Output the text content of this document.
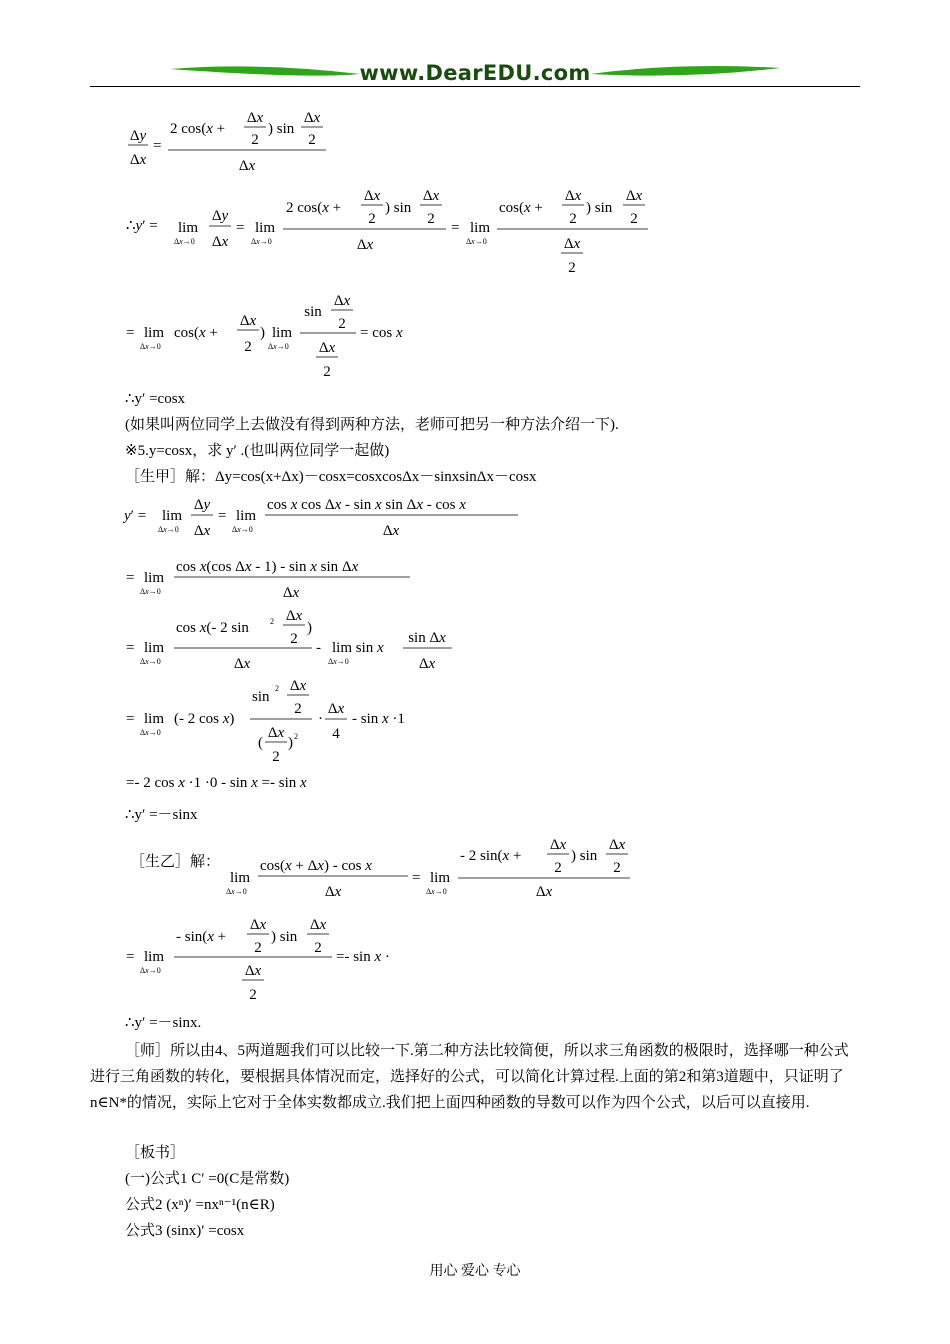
www.DearEDU.com
Δy
Δx
=
2 cos(x +
Δx
2
) sin
Δx
2
Δx
∴y′ = lim
Δx→0
Δy
Δx
= lim
Δx→0
2 cos(x +
Δx
2
) sin
Δx
2
Δx
= lim
Δx→0
cos(x +
Δx
2
) sin
Δx
2
Δx
2
= lim
Δx→0
cos(x +
Δx
2
) lim
Δx→0
sin
Δx
2
Δx
2
= cos x
∴y′ =cosx
(如果叫两位同学上去做没有得到两种方法，老师可把另一种方法介绍一下).
※5.y=cosx，求 y′ .(也叫两位同学一起做)
［生甲］解：Δy=cos(x+Δx)－cosx=cosxcosΔx－sinxsinΔx－cosx
y′ = lim
Δx→0
Δy
Δx
= lim
Δx→0
cos x cos Δx - sin x sin Δx - cos x
Δx
= lim
Δx→0
cos x(cos Δx - 1) - sin x sin Δx
Δx
= lim
Δx→0
cos x(- 2 sin	2 Δx
2
)
Δx
- lim sin x
Δx→0
sin Δx
Δx
= lim
Δx→0
(- 2 cos x)
sin
2 Δx
2
(
Δx
2
) 2
·
Δx
4
- sin x ·1
=- 2 cos x ·1 ·0 - sin x =- sin x
∴y′ =－sinx
［生乙］解：
lim
Δx→0
cos(x + Δx) - cos x
Δx
= lim
Δx→0
- 2 sin(x +
Δx
2
) sin
Δx
2
Δx
= lim
Δx→0
- sin(x +
Δx
2
) sin
Δx
2
Δx
2
=- sin x ·
∴y′ =－sinx.
［师］所以由4、5两道题我们可以比较一下.第二种方法比较简便，所以求三角函数的极限时，选择哪一种公式进行三角函数的转化，要根据具体情况而定，选择好的公式，可以简化计算过程.上面的第2和第3道题中，只证明了 n∈N*的情况，实际上它对于全体实数都成立.我们把上面四种函数的导数可以作为四个公式，以后可以直接用.
［板书］
(一)公式1 C′ =0(C是常数)
公式2 (xⁿ)′ =nxⁿ⁻¹(n∈R)
公式3 (sinx)′ =cosx
用心 爱心 专心
